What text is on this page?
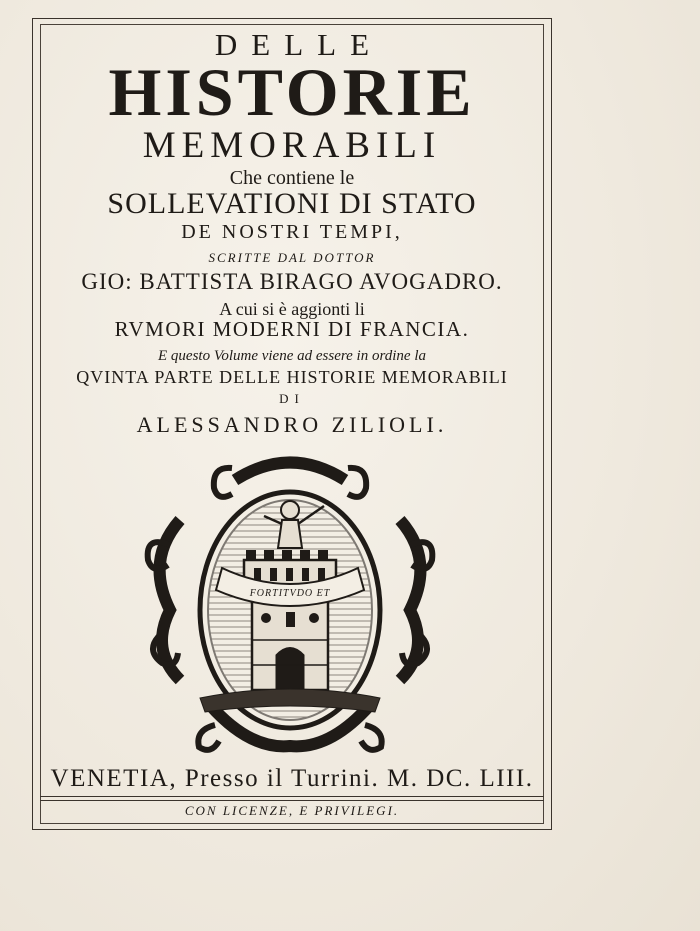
DELLE

HISTORIE

MEMORABILI

Che contiene le

SOLLEVATIONI DI STATO

DE NOSTRI TEMPI,

SCRITTE DAL DOTTOR

GIO: BATTISTA BIRAGO AVOGADRO.

A cui si è aggionti li

RVMORI MODERNI DI FRANCIA.

E questo Volume viene ad essere in ordine la

QVINTA PARTE DELLE HISTORIE MEMORABILI

DI

ALESSANDRO ZILIOLI.

FORTITVDO ET

VENETIA, Presso il Turrini. M. DC. LIII.

CON LICENZE, E PRIVILEGI.
